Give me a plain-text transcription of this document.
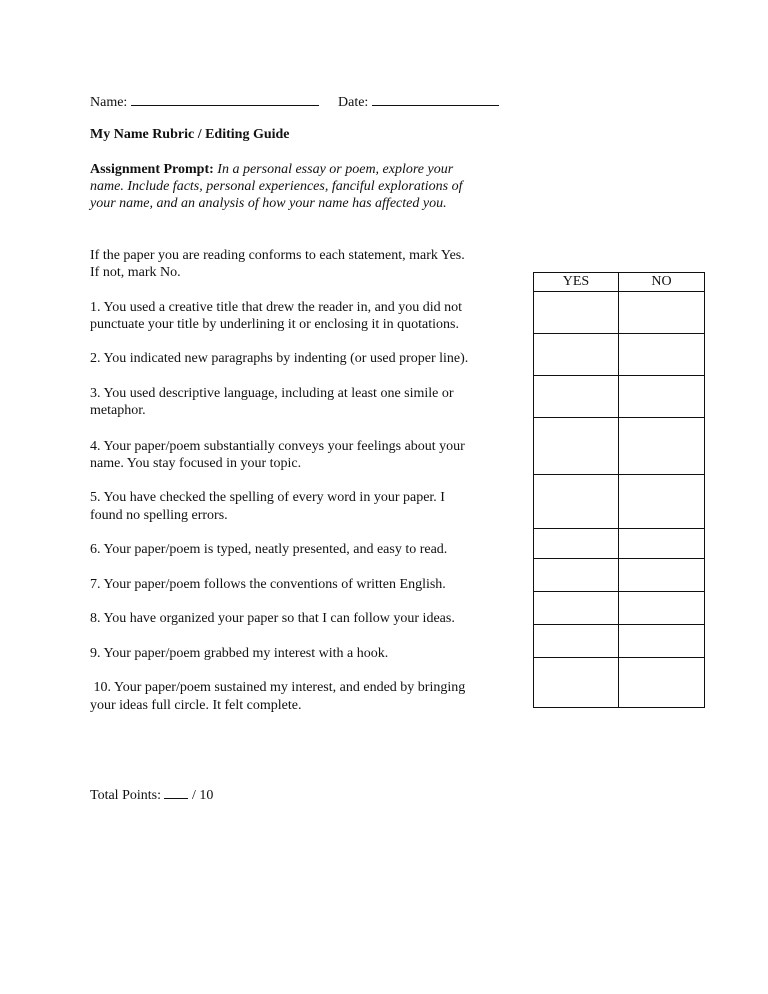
Name:	Date:
My Name Rubric / Editing Guide
Assignment Prompt: In a personal essay or poem, explore your
name. Include facts, personal experiences, fanciful explorations of
your name, and an analysis of how your name has affected you.
If the paper you are reading conforms to each statement, mark Yes.
If not, mark No.
1. You used a creative title that drew the reader in, and you did not
punctuate your title by underlining it or enclosing it in quotations.
2. You indicated new paragraphs by indenting (or used proper line).
3. You used descriptive language, including at least one simile or
metaphor.
4. Your paper/poem substantially conveys your feelings about your
name. You stay focused in your topic.
5. You have checked the spelling of every word in your paper. I
found no spelling errors.
6. Your paper/poem is typed, neatly presented, and easy to read.
7. Your paper/poem follows the conventions of written English.
8. You have organized your paper so that I can follow your ideas.
9. Your paper/poem grabbed my interest with a hook.
10. Your paper/poem sustained my interest, and ended by bringing
your ideas full circle. It felt complete.
YES	NO

Total Points: / 10
